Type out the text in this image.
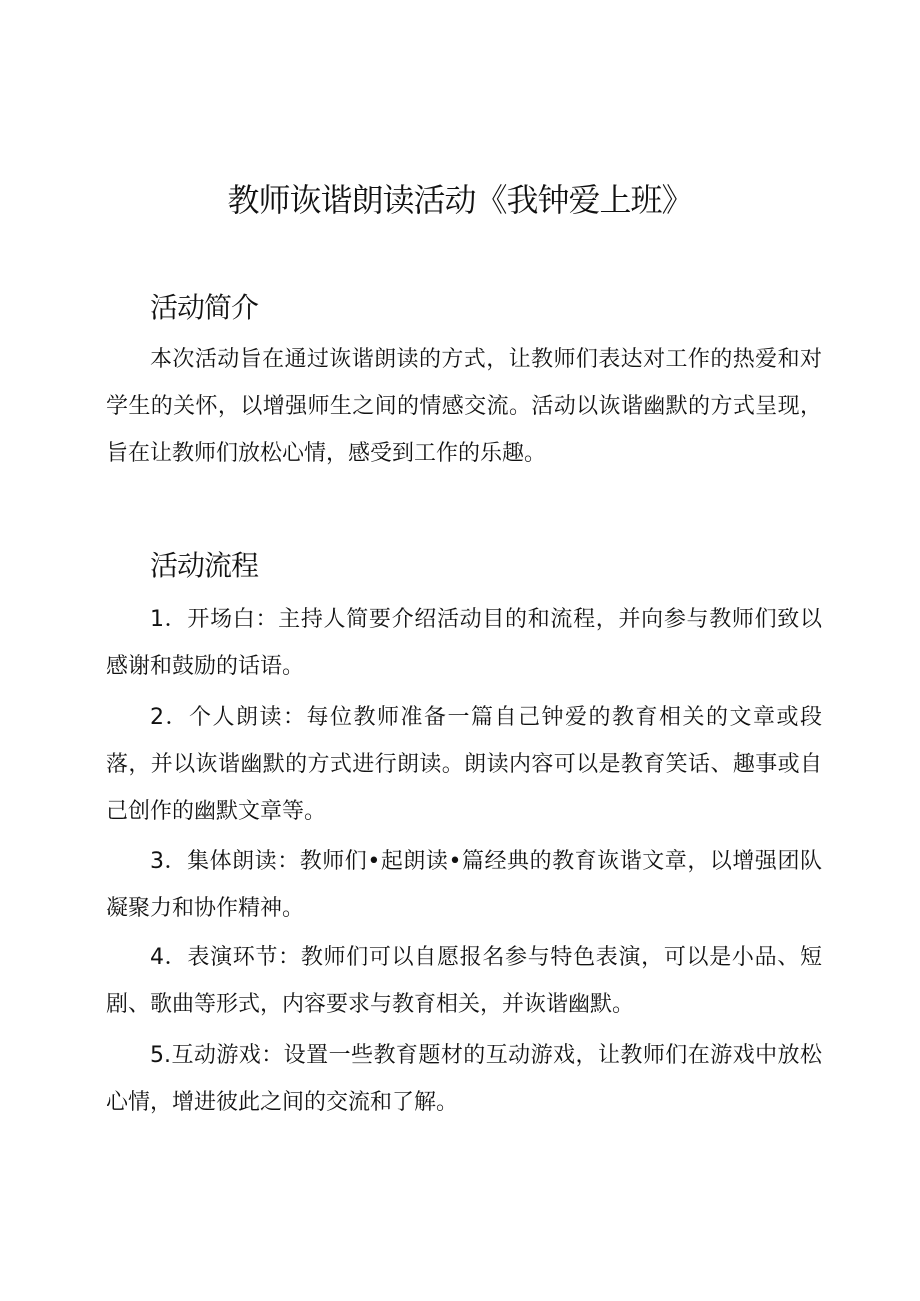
教师诙谐朗读活动《我钟爱上班》
活动简介

本次活动旨在通过诙谐朗读的方式，让教师们表达对工作的热爱和对学生的关怀，以增强师生之间的情感交流。活动以诙谐幽默的方式呈现，旨在让教师们放松心情，感受到工作的乐趣。

活动流程

1．开场白：主持人简要介绍活动目的和流程，并向参与教师们致以感谢和鼓励的话语。

2．个人朗读：每位教师准备一篇自己钟爱的教育相关的文章或段落，并以诙谐幽默的方式进行朗读。朗读内容可以是教育笑话、趣事或自己创作的幽默文章等。

3．集体朗读：教师们•起朗读•篇经典的教育诙谐文章，以增强团队凝聚力和协作精神。

4．表演环节：教师们可以自愿报名参与特色表演，可以是小品、短剧、歌曲等形式，内容要求与教育相关，并诙谐幽默。

5.互动游戏：设置一些教育题材的互动游戏，让教师们在游戏中放松心情，增进彼此之间的交流和了解。
